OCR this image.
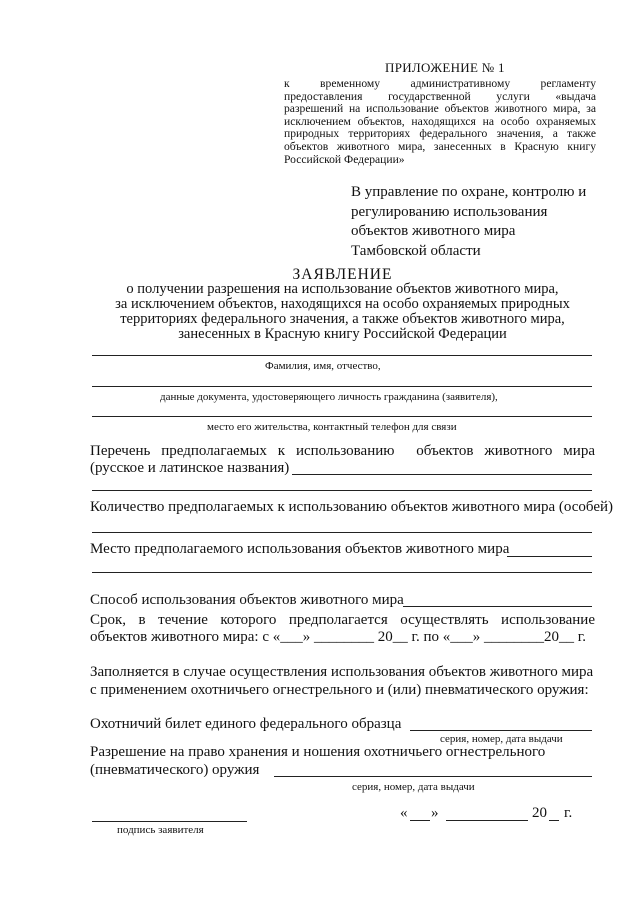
ПРИЛОЖЕНИЕ № 1
к временному административному регламенту
предоставления государственной услуги «выдача
разрешений на использование объектов животного мира, за
исключением объектов, находящихся на особо охраняемых
природных территориях федерального значения, а также
объектов животного мира, занесенных в Красную книгу
Российской Федерации»
В управление по охране, контролю и
регулированию использования
объектов животного мира
Тамбовской области
ЗАЯВЛЕНИЕ
о получении разрешения на использование объектов животного мира,
за исключением объектов, находящихся на особо охраняемых природных
территориях федерального значения, а также объектов животного мира,
занесенных в Красную книгу Российской Федерации
Фамилия, имя, отчество,
данные документа, удостоверяющего личность гражданина (заявителя),
место его жительства, контактный телефон для связи
Перечень предполагаемых к использованию  объектов животного мира
(русское и латинское названия)
Количество предполагаемых к использованию объектов животного мира (особей)
Место предполагаемого использования объектов животного мира
Способ использования объектов животного мира
Срок, в течение которого предполагается осуществлять использование
объектов животного мира: с «___» ________ 20__ г. по «___» ________20__ г.
Заполняется в случае осуществления использования объектов животного мира
с применением охотничьего огнестрельного и (или) пневматического оружия:
Охотничий билет единого федерального образца
серия, номер, дата выдачи
Разрешение на право хранения и ношения охотничьего огнестрельного
(пневматического) оружия
серия, номер, дата выдачи
подпись заявителя
« »	20 г.
